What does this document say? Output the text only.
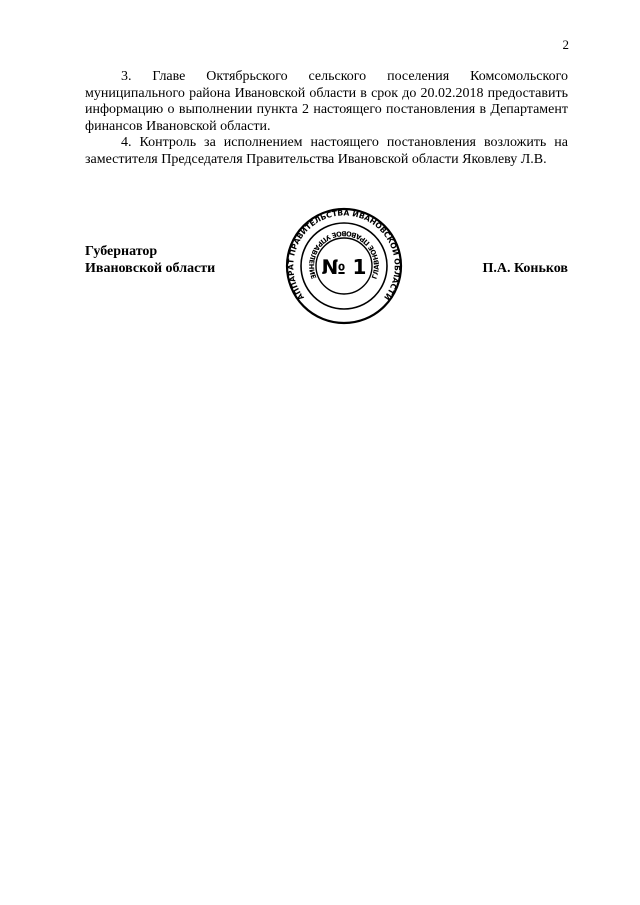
2

3. Главе Октябрьского сельского поселения Комсомольского муниципального района Ивановской области в срок до 20.02.2018 предоставить информацию о выполнении пункта 2 настоящего постановления в Департамент финансов Ивановской области.

4. Контроль за исполнением настоящего постановления возложить на заместителя Председателя Правительства Ивановской области Яковлеву Л.В.

Губернатор
Ивановской области	П.А. Коньков
АППАРАТ ПРАВИТЕЛЬСТВА ИВАНОВСКОЙ ОБЛАСТИ
ГЛАВНОЕ ПРАВОВОЕ УПРАВЛЕНИЕ № 1
